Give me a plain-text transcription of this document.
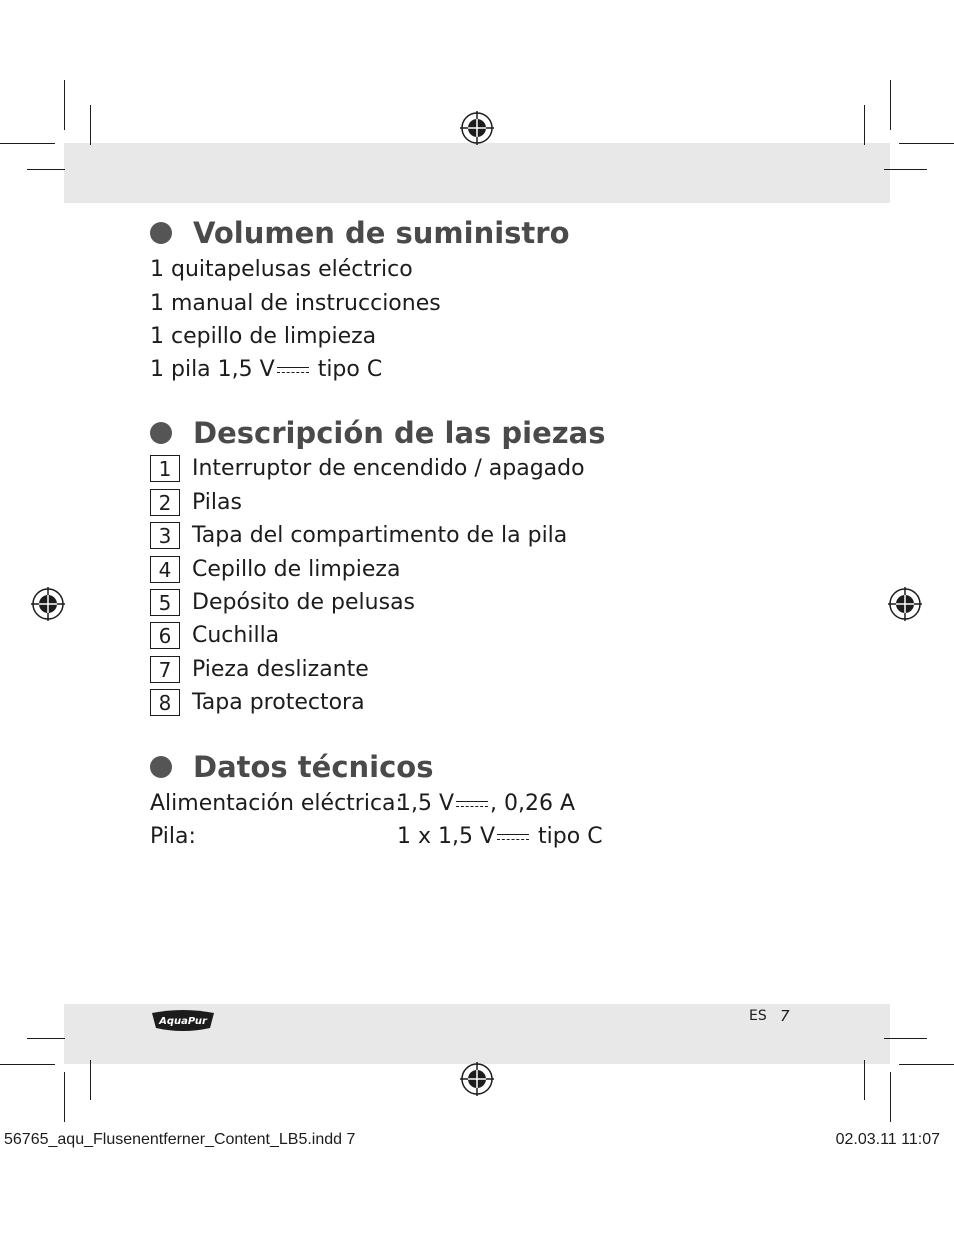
Volumen de suministro
1 quitapelusas eléctrico
1 manual de instrucciones
1 cepillo de limpieza
1 pila 1,5 V tipo C
Descripción de las piezas
1 Interruptor de encendido / apagado
2 Pilas
3 Tapa del compartimento de la pila
4 Cepillo de limpieza
5 Depósito de pelusas
6 Cuchilla
7 Pieza deslizante
8 Tapa protectora
Datos técnicos
Alimentación eléctrica:
1,5 V , 0,26 A
Pila:	1 x 1,5 V tipo C
AquaPur	ES 7
56765_aqu_Flusenentferner_Content_LB5.indd 7	02.03.11 11:07
